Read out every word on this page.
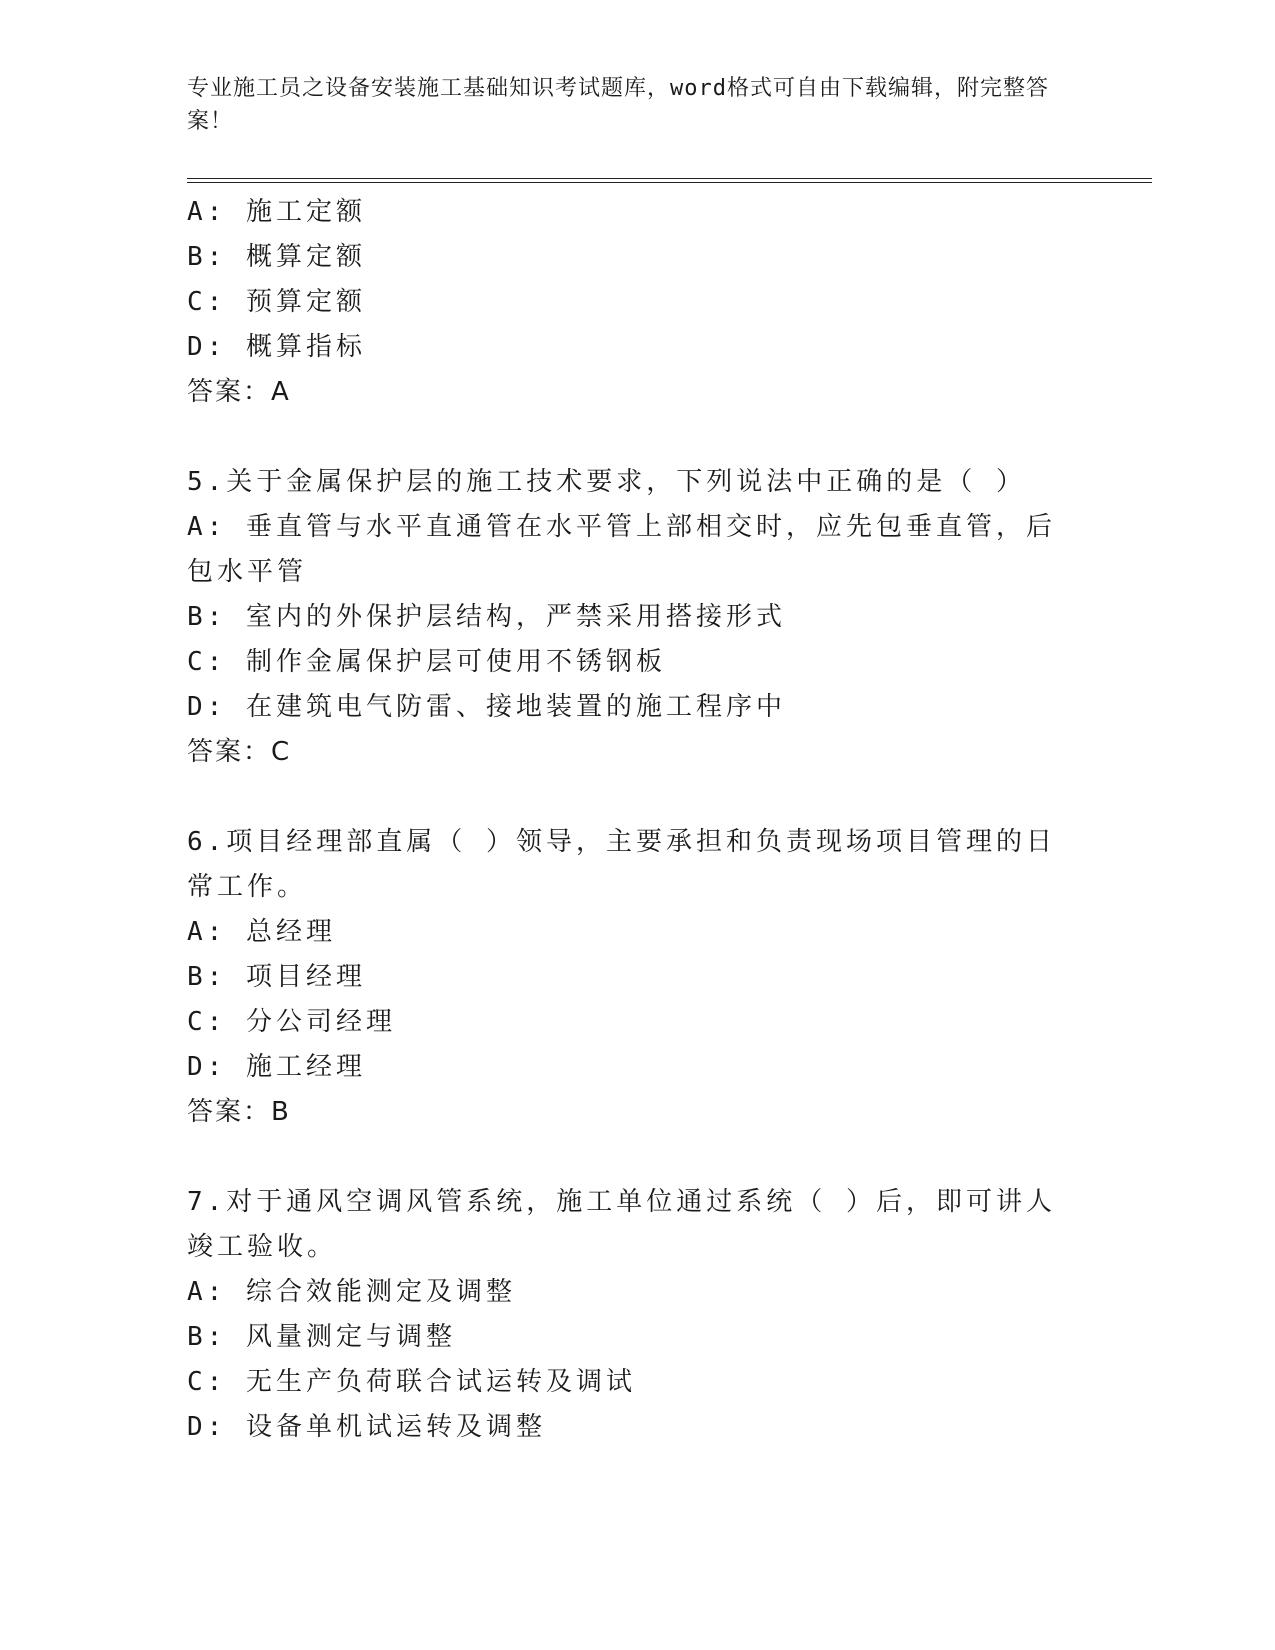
专业施工员之设备安装施工基础知识考试题库，word格式可自由下载编辑，附完整答案！
A: 施工定额
B: 概算定额
C: 预算定额
D: 概算指标
答案：A
5.关于金属保护层的施工技术要求，下列说法中正确的是（ ）
A: 垂直管与水平直通管在水平管上部相交时，应先包垂直管，后包水平管
B: 室内的外保护层结构，严禁采用搭接形式
C: 制作金属保护层可使用不锈钢板
D: 在建筑电气防雷、接地装置的施工程序中
答案：C
6.项目经理部直属（ ）领导，主要承担和负责现场项目管理的日常工作。
A: 总经理
B: 项目经理
C: 分公司经理
D: 施工经理
答案：B
7.对于通风空调风管系统，施工单位通过系统（ ）后，即可讲人竣工验收。
A: 综合效能测定及调整
B: 风量测定与调整
C: 无生产负荷联合试运转及调试
D: 设备单机试运转及调整
